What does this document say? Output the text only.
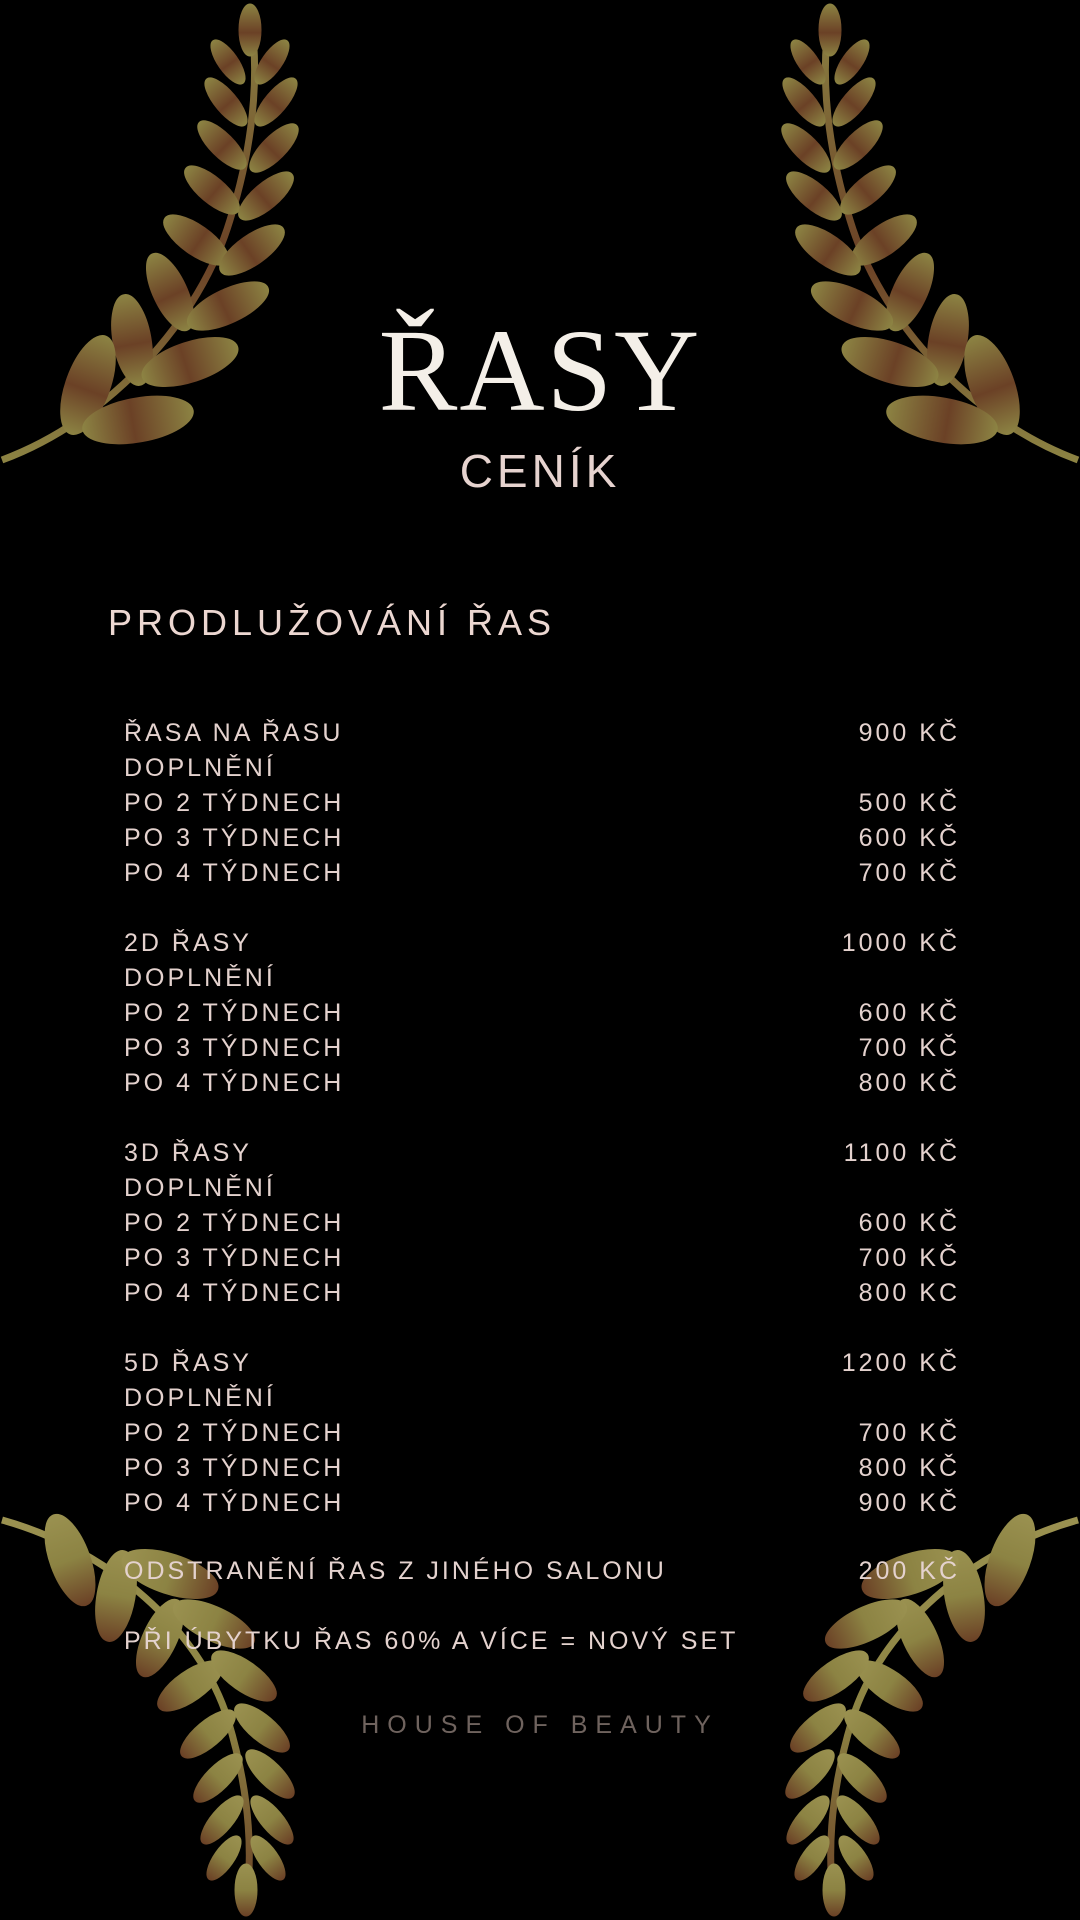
ŘASY
CENÍK
PRODLUŽOVÁNÍ ŘAS
ŘASA NA ŘASU	900 KČ
DOPLNĚNÍ
PO 2 TÝDNECH	500 KČ
PO 3 TÝDNECH	600 KČ
PO 4 TÝDNECH	700 KČ
2D ŘASY	1000 KČ
DOPLNĚNÍ
PO 2 TÝDNECH	600 KČ
PO 3 TÝDNECH	700 KČ
PO 4 TÝDNECH	800 KČ
3D ŘASY	1100 KČ
DOPLNĚNÍ
PO 2 TÝDNECH	600 KČ
PO 3 TÝDNECH	700 KČ
PO 4 TÝDNECH	800 KC
5D ŘASY	1200 KČ
DOPLNĚNÍ
PO 2 TÝDNECH	700 KČ
PO 3 TÝDNECH	800 KČ
PO 4 TÝDNECH	900 KČ
ODSTRANĚNÍ ŘAS Z JINÉHO SALONU	200 KČ
PŘI ÚBYTKU ŘAS 60% A VÍCE = NOVÝ SET
HOUSE OF BEAUTY
